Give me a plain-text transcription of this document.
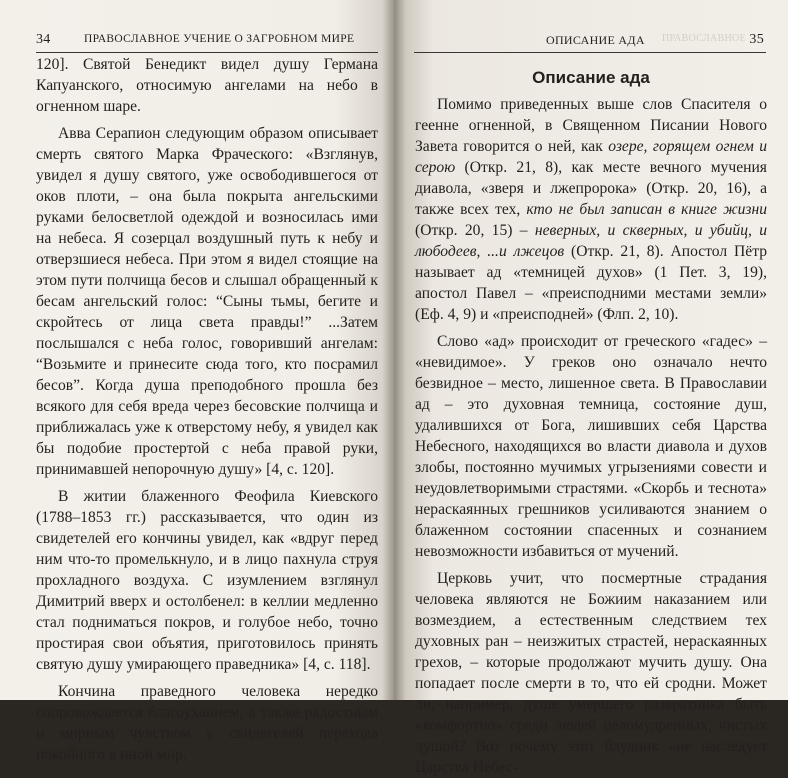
34	ПРАВОСЛАВНОЕ УЧЕНИЕ О ЗАГРОБНОМ МИРЕ

120]. Святой Бенедикт видел душу Германа Капуанского, относимую ангелами на небо в огненном шаре.

Авва Серапион следующим образом описывает смерть святого Марка Фраческого: «Взглянув, увидел я душу святого, уже освободившегося от оков плоти, – она была покрыта ангельскими руками белосветлой одеждой и возносилась ими на небеса. Я созерцал воздушный путь к небу и отверзшиеся небеса. При этом я видел стоящие на этом пути полчища бесов и слышал обращенный к бесам ангельский голос: “Сыны тьмы, бегите и скройтесь от лица света правды!” ...Затем послышался с неба голос, говоривший ангелам: “Возьмите и принесите сюда того, кто посрамил бесов”. Когда душа преподобного прошла без всякого для себя вреда через бесовские полчища и приближалась уже к отверстому небу, я увидел как бы подобие простертой с неба правой руки, принимавшей непорочную душу» [4, с. 120].

В житии блаженного Феофила Киевского (1788–1853 гг.) рассказывается, что один из свидетелей его кончины увидел, как «вдруг перед ним что-то промелькнуло, и в лицо пахнула струя прохладного воздуха. С изумлением взглянул Димитрий вверх и остолбенел: в келлии медленно стал подниматься покров, и голубое небо, точно простирая свои объятия, приготовилось принять святую душу умирающего праведника» [4, с. 118].

Кончина праведного человека нередко сопровождается благоуханием, а также радостным и мирным чувством у свидетелей перехода покойного в иной мир.

ПРАВОСЛАВНОЕ
ОПИСАНИЕ АДА	35
Описание ада

Помимо приведенных выше слов Спасителя о геенне огненной, в Священном Писании Нового Завета говорится о ней, как озере, горящем огнем и серою (Откр. 21, 8), как месте вечного мучения диавола, «зверя и лжепророка» (Откр. 20, 16), а также всех тех, кто не был записан в книге жизни (Откр. 20, 15) – неверных, и скверных, и убийц, и любодеев, ...и лжецов (Откр. 21, 8). Апостол Пётр называет ад «темницей духов» (1 Пет. 3, 19), апостол Павел – «преисподними местами земли» (Еф. 4, 9) и «преисподней» (Флп. 2, 10).

Слово «ад» происходит от греческого «гадес» – «невидимое». У греков оно означало нечто безвидное – место, лишенное света. В Православии ад – это духовная темница, состояние душ, удалившихся от Бога, лишивших себя Царства Небесного, находящихся во власти диавола и духов злобы, постоянно мучимых угрызениями совести и неудовлетворимыми страстями. «Скорбь и теснота» нераскаянных грешников усиливаются знанием о блаженном состоянии спасенных и сознанием невозможности избавиться от мучений.

Церковь учит, что посмертные страдания человека являются не Божиим наказанием или возмездием, а естественным следствием тех духовных ран – неизжитых страстей, нераскаянных грехов, – которые продолжают мучить душу. Она попадает после смерти в то, что ей сродни. Может ли, например, душе умершего развратника быть «комфортно» среди людей целомудренных, чистых душой? Вот почему этот блудник «не наследует Царства Небес-
